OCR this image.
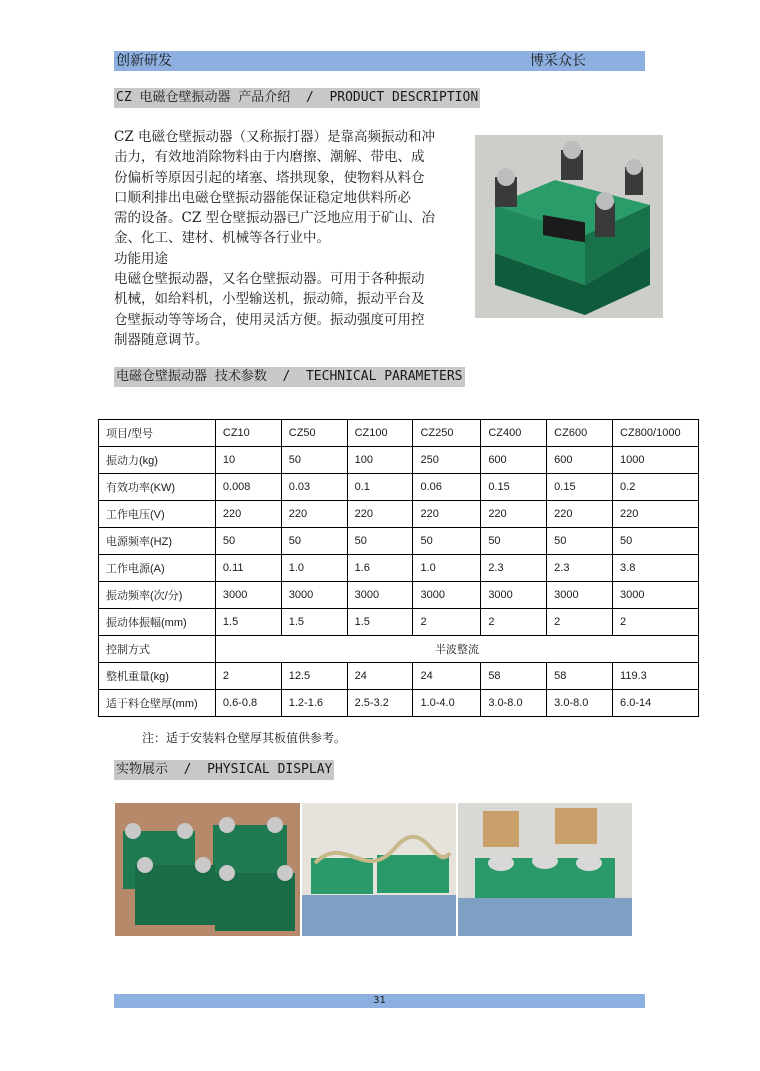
创新研发	博采众长
CZ 电磁仓壁振动器 产品介绍  /  PRODUCT DESCRIPTION

CZ 电磁仓壁振动器（又称振打器）是靠高频振动和冲

击力，有效地消除物料由于内磨擦、潮解、带电、成

份偏析等原因引起的堵塞、塔拱现象，使物料从料仓

口顺利排出电磁仓壁振动器能保证稳定地供料所必

需的设备。CZ 型仓壁振动器已广泛地应用于矿山、冶

金、化工、建材、机械等各行业中。

功能用途

电磁仓壁振动器，又名仓壁振动器。可用于各种振动

机械，如给料机，小型输送机，振动筛，振动平台及

仓壁振动等等场合，使用灵活方便。振动强度可用控

制器随意调节。

电磁仓壁振动器 技术参数  /  TECHNICAL PARAMETERS
项目/型号	CZ10	CZ50	CZ100	CZ250	CZ400	CZ600	CZ800/1000
振动力(kg)	10	50	100	250	600	600	1000
有效功率(KW)	0.008	0.03	0.1	0.06	0.15	0.15	0.2
工作电压(V)	220	220	220	220	220	220	220
电源频率(HZ)	50	50	50	50	50	50	50
工作电源(A)	0.11	1.0	1.6	1.0	2.3	2.3	3.8
振动频率(次/分)	3000	3000	3000	3000	3000	3000	3000
振动体振幅(mm)	1.5	1.5	1.5	2	2	2	2
控制方式	半波整流						
整机重量(kg)	2	12.5	24	24	58	58	119.3
适于料仓壁厚(mm)	0.6-0.8	1.2-1.6	2.5-3.2	1.0-4.0	3.0-8.0	3.0-8.0	6.0-14
注：适于安装料仓壁厚其板值供参考。
实物展示  /  PHYSICAL DISPLAY
31
